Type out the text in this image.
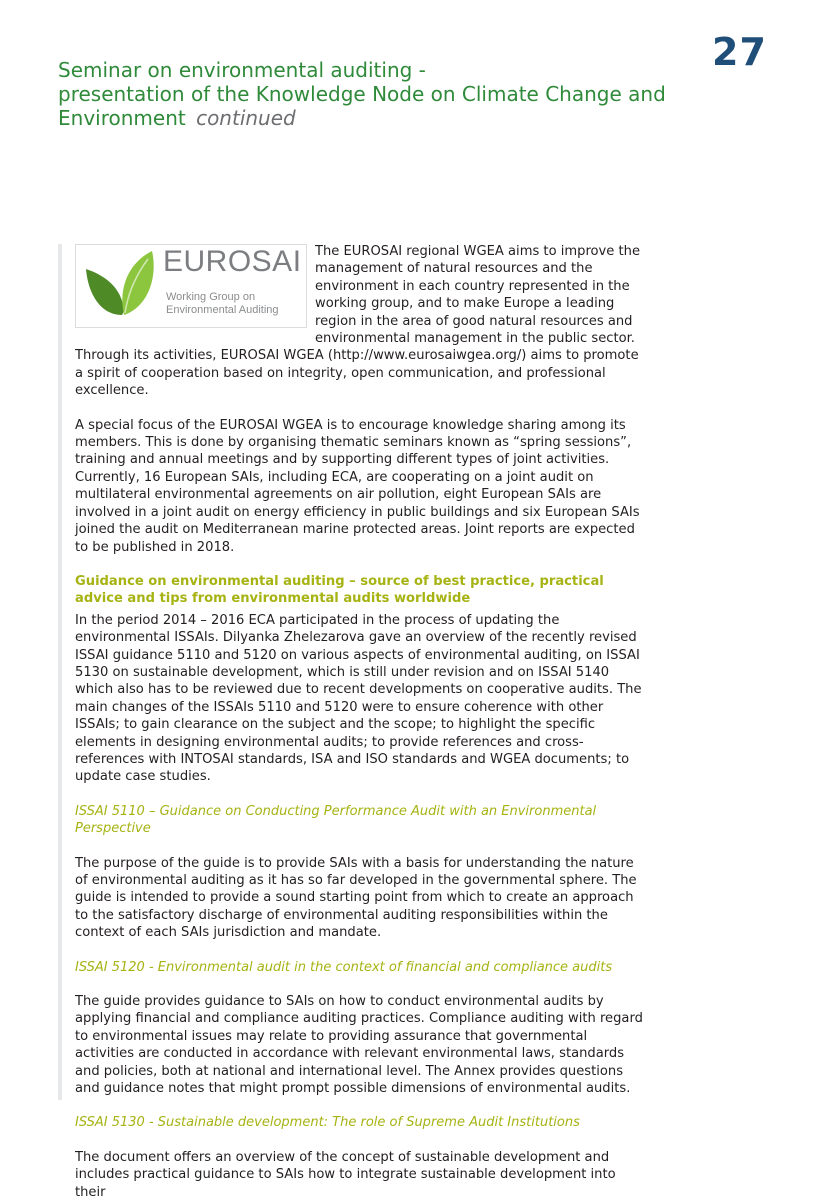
27
Seminar on environmental auditing -
presentation of the Knowledge Node on Climate Change and
Environment continued
EUROSAI
Working Group on
Environmental Auditing

The EUROSAI regional WGEA aims to improve the management of natural resources and the environment in each country represented in the working group, and to make Europe a leading region in the area of good natural resources and environmental management in the public sector. Through its activities, EUROSAI WGEA (http://www.eurosaiwgea.org/) aims to promote a spirit of cooperation based on integrity, open communication, and professional excellence.

A special focus of the EUROSAI WGEA is to encourage knowledge sharing among its members. This is done by organising thematic seminars known as “spring sessions”, training and annual meetings and by supporting different types of joint activities. Currently, 16 European SAIs, including ECA, are cooperating on a joint audit on multilateral environmental agreements on air pollution, eight European SAIs are involved in a joint audit on energy efficiency in public buildings and six European SAIs joined the audit on Mediterranean marine protected areas. Joint reports are expected to be published in 2018.

Guidance on environmental auditing – source of best practice, practical advice and tips from environmental audits worldwide

In the period 2014 – 2016 ECA participated in the process of updating the environmental ISSAIs. Dilyanka Zhelezarova gave an overview of the recently revised ISSAI guidance 5110 and 5120 on various aspects of environmental auditing, on ISSAI 5130 on sustainable development, which is still under revision and on ISSAI 5140 which also has to be reviewed due to recent developments on cooperative audits. The main changes of the ISSAIs 5110 and 5120 were to ensure coherence with other ISSAIs; to gain clearance on the subject and the scope; to highlight the specific elements in designing environmental audits; to provide references and cross-references with INTOSAI standards, ISA and ISO standards and WGEA documents; to update case studies.

ISSAI 5110 – Guidance on Conducting Performance Audit with an Environmental Perspective

The purpose of the guide is to provide SAIs with a basis for understanding the nature of environmental auditing as it has so far developed in the governmental sphere. The guide is intended to provide a sound starting point from which to create an approach to the satisfactory discharge of environmental auditing responsibilities within the context of each SAIs jurisdiction and mandate.

ISSAI 5120 - Environmental audit in the context of financial and compliance audits

The guide provides guidance to SAIs on how to conduct environmental audits by applying financial and compliance auditing practices. Compliance auditing with regard to environmental issues may relate to providing assurance that governmental activities are conducted in accordance with relevant environmental laws, standards and policies, both at national and international level. The Annex provides questions and guidance notes that might prompt possible dimensions of environmental audits.

ISSAI 5130 - Sustainable development: The role of Supreme Audit Institutions

The document offers an overview of the concept of sustainable development and includes practical guidance to SAIs how to integrate sustainable development into their
